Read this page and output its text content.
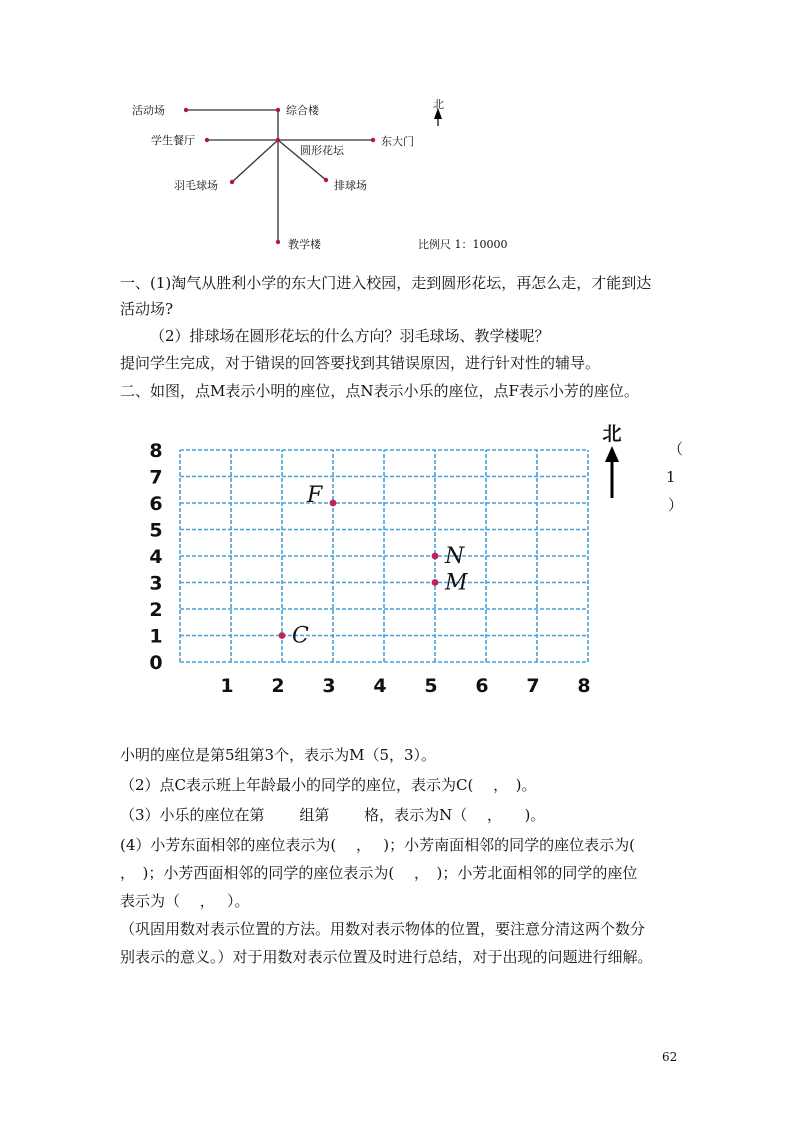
活动场	综合楼
学生餐厅
圆形花坛
东大门
羽毛球场	排球场
教学楼
北
比例尺 1：10000
一、(1)淘气从胜利小学的东大门进入校园，走到圆形花坛，再怎么走，才能到达
活动场?
（2）排球场在圆形花坛的什么方向？羽毛球场、教学楼呢？
提问学生完成，对于错误的回答要找到其错误原因，进行针对性的辅导。
二、如图，点M表示小明的座位，点N表示小乐的座位，点F表示小芳的座位。
（
1
）
0
1
2
3
4
5
6
7
8
1 2 3 4 5 6 7 8
F
N
M
C
北
小明的座位是第5组第3个，表示为M（5，3）。
（2）点C表示班上年龄最小的同学的座位，表示为C(　 ，　)。
（3）小乐的座位在第　　 组第　　 格，表示为N（　 ，　　)。
(4）小芳东面相邻的座位表示为(　 ，　 )；小芳南面相邻的同学的座位表示为(
，　)；小芳西面相邻的同学的座位表示为(　 ，　)；小芳北面相邻的同学的座位
表示为（　 ，　 ）。
（巩固用数对表示位置的方法。用数对表示物体的位置，要注意分清这两个数分
别表示的意义。）对于用数对表示位置及时进行总结，对于出现的问题进行细解。
62
